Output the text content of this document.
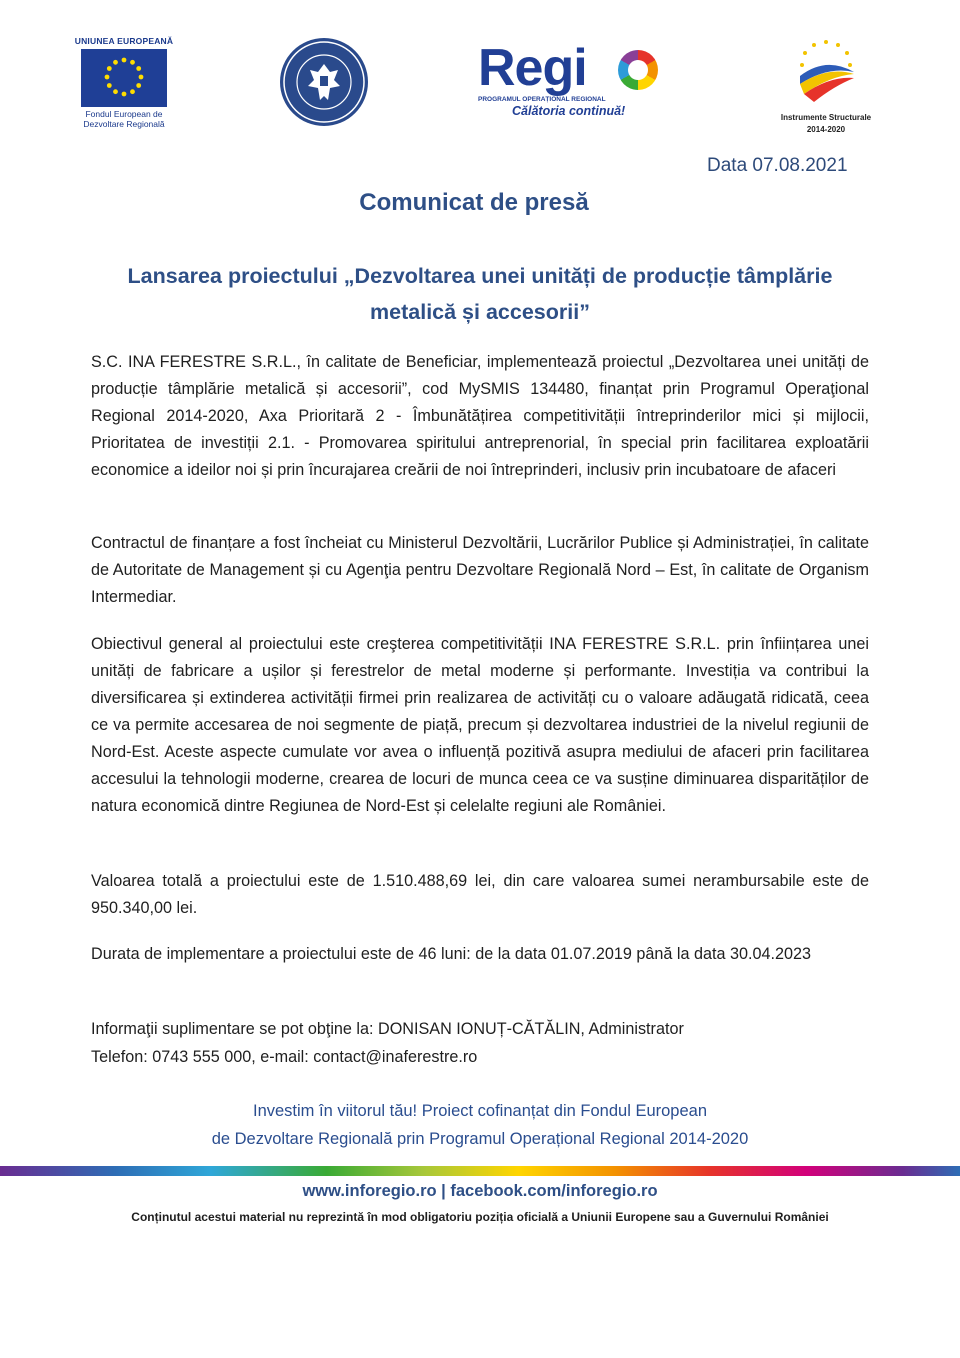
UNIUNEA EUROPEANĂ
Fondul European de
Dezvoltare Regională
Regi
PROGRAMUL OPERAȚIONAL REGIONAL
Călătoria continuă!	Instrumente Structurale
2014-2020
Data 07.08.2021
Comunicat de presă
Lansarea proiectului „Dezvoltarea unei unități de producție tâmplărie metalică și accesorii”
S.C. INA FERESTRE S.R.L., în calitate de Beneficiar, implementează proiectul „Dezvoltarea unei unități de producție tâmplărie metalică și accesorii”, cod MySMIS 134480, finanțat prin Programul Operaţional Regional 2014-2020, Axa Prioritară 2 - Îmbunătățirea competitivității întreprinderilor mici și mijlocii, Prioritatea de investiții 2.1. - Promovarea spiritului antreprenorial, în special prin facilitarea exploatării economice a ideilor noi și prin încurajarea creării de noi întreprinderi, inclusiv prin incubatoare de afaceri
Contractul de finanțare a fost încheiat cu Ministerul Dezvoltării, Lucrărilor Publice și Administrației, în calitate de Autoritate de Management și cu Agenţia pentru Dezvoltare Regională Nord – Est, în calitate de Organism Intermediar.
Obiectivul general al proiectului este creşterea competitivității INA FERESTRE S.R.L. prin înființarea unei unități de fabricare a ușilor și ferestrelor de metal moderne și performante. Investiția va contribui la diversificarea și extinderea activității firmei prin realizarea de activități cu o valoare adăugată ridicată, ceea ce va permite accesarea de noi segmente de piață, precum și dezvoltarea industriei de la nivelul regiunii de Nord-Est. Aceste aspecte cumulate vor avea o influență pozitivă asupra mediului de afaceri prin facilitarea accesului la tehnologii moderne, crearea de locuri de munca ceea ce va susține diminuarea disparităților de natura economică dintre Regiunea de Nord-Est și celelalte regiuni ale României.
Valoarea totală a proiectului este de 1.510.488,69 lei, din care valoarea sumei nerambursabile este de 950.340,00 lei.
Durata de implementare a proiectului este de 46 luni: de la data 01.07.2019 până la data 30.04.2023
Informaţii suplimentare se pot obţine la: DONISAN IONUȚ-CĂTĂLIN, Administrator
Telefon: 0743 555 000, e-mail: contact@inaferestre.ro
Investim în viitorul tău! Proiect cofinanțat din Fondul European
de Dezvoltare Regională prin Programul Operațional Regional 2014-2020
www.inforegio.ro | facebook.com/inforegio.ro
Conținutul acestui material nu reprezintă în mod obligatoriu poziția oficială a Uniunii Europene sau a Guvernului României
